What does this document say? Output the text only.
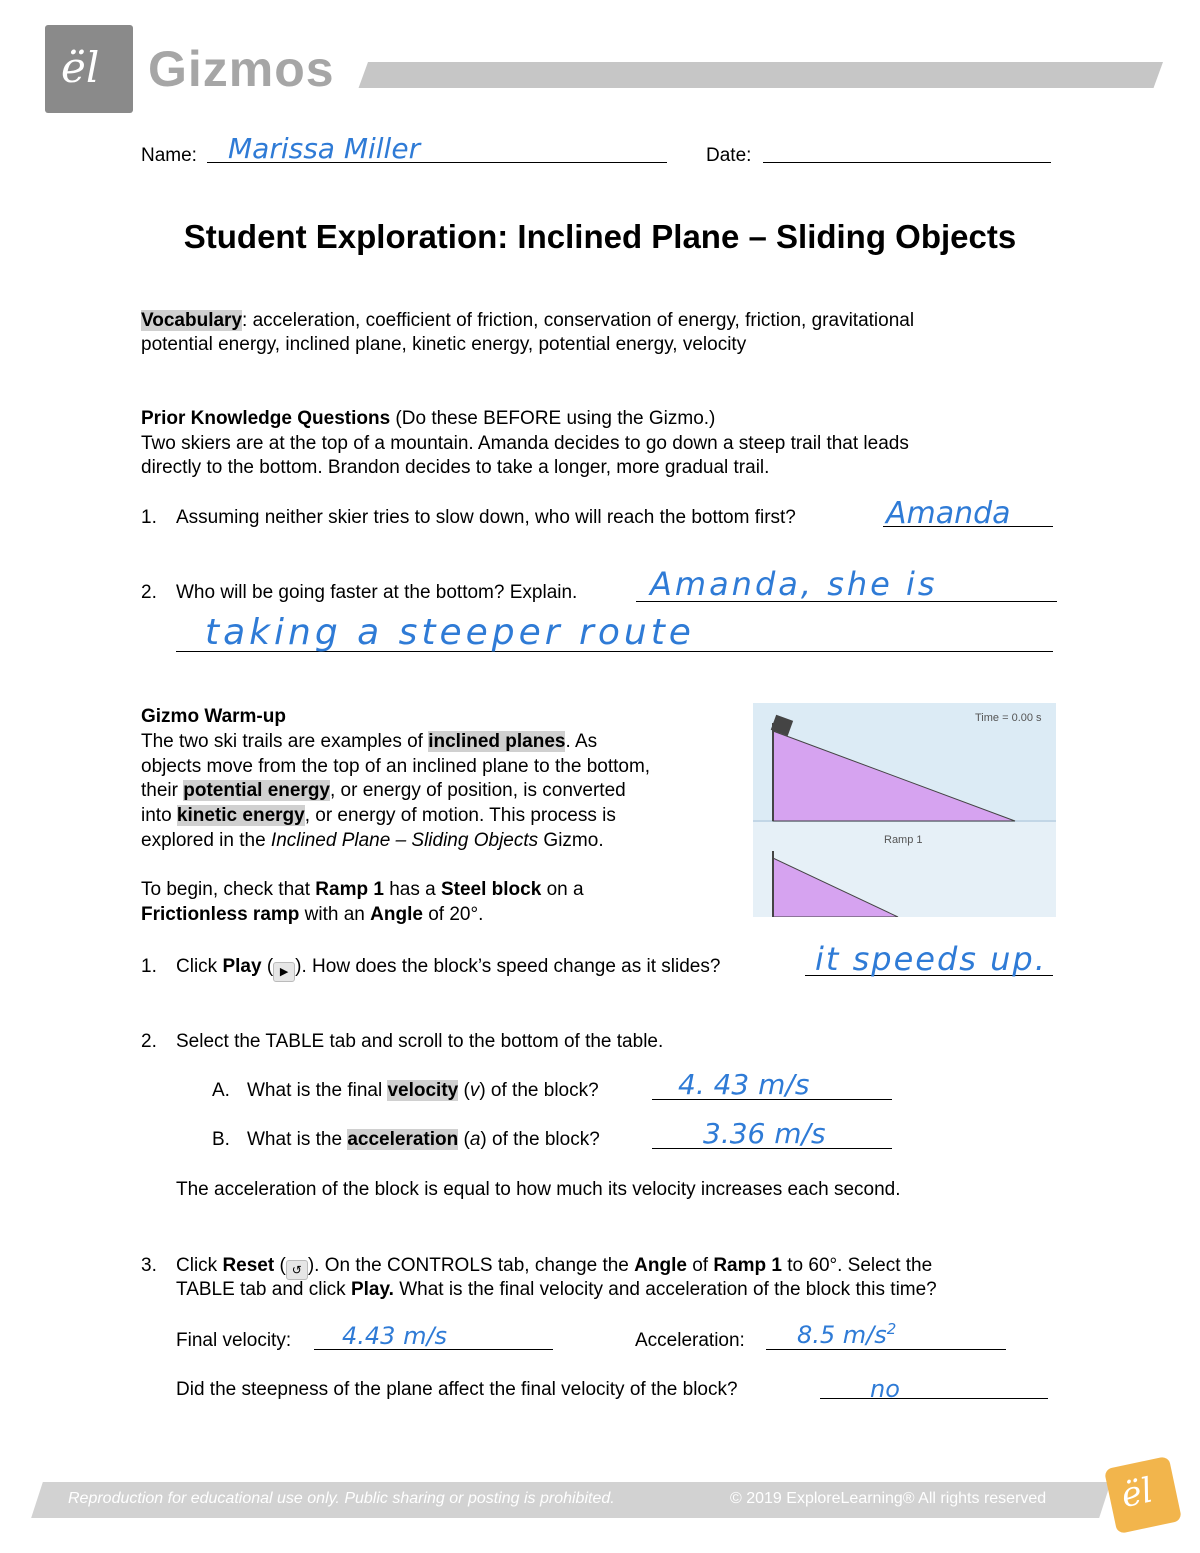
ël Gizmos
Name: Marissa Miller	Date:
Student Exploration: Inclined Plane – Sliding Objects
Vocabulary: acceleration, coefficient of friction, conservation of energy, friction, gravitational
potential energy, inclined plane, kinetic energy, potential energy, velocity
Prior Knowledge Questions (Do these BEFORE using the Gizmo.)
Two skiers are at the top of a mountain. Amanda decides to go down a steep trail that leads
directly to the bottom. Brandon decides to take a longer, more gradual trail.
1. Assuming neither skier tries to slow down, who will reach the bottom first?	Amanda
2. Who will be going faster at the bottom? Explain. Amanda, she is
taking a steeper route
Gizmo Warm-up
The two ski trails are examples of inclined planes. As
objects move from the top of an inclined plane to the bottom,
their potential energy, or energy of position, is converted
into kinetic energy, or energy of motion. This process is
explored in the Inclined Plane – Sliding Objects Gizmo.
To begin, check that Ramp 1 has a Steel block on a
Frictionless ramp with an Angle of 20°.
Time = 0.00 s
Ramp 1
1. Click Play ( ▶ ). How does the block’s speed change as it slides?	it speeds up.
2. Select the TABLE tab and scroll to the bottom of the table.
A. What is the final velocity (v) of the block?	4. 43 m/s
B. What is the acceleration (a) of the block?	3.36 m/s
The acceleration of the block is equal to how much its velocity increases each second.
3. Click Reset ( ↺ ). On the CONTROLS tab, change the Angle of Ramp 1 to 60°. Select the
TABLE tab and click Play. What is the final velocity and acceleration of the block this time?
Final velocity: 4.43 m/s	Acceleration: 8.5 $m/s^2$
Did the steepness of the plane affect the final velocity of the block?	no
Reproduction for educational use only. Public sharing or posting is prohibited.	© 2019 ExploreLearning® All rights reserved ël
